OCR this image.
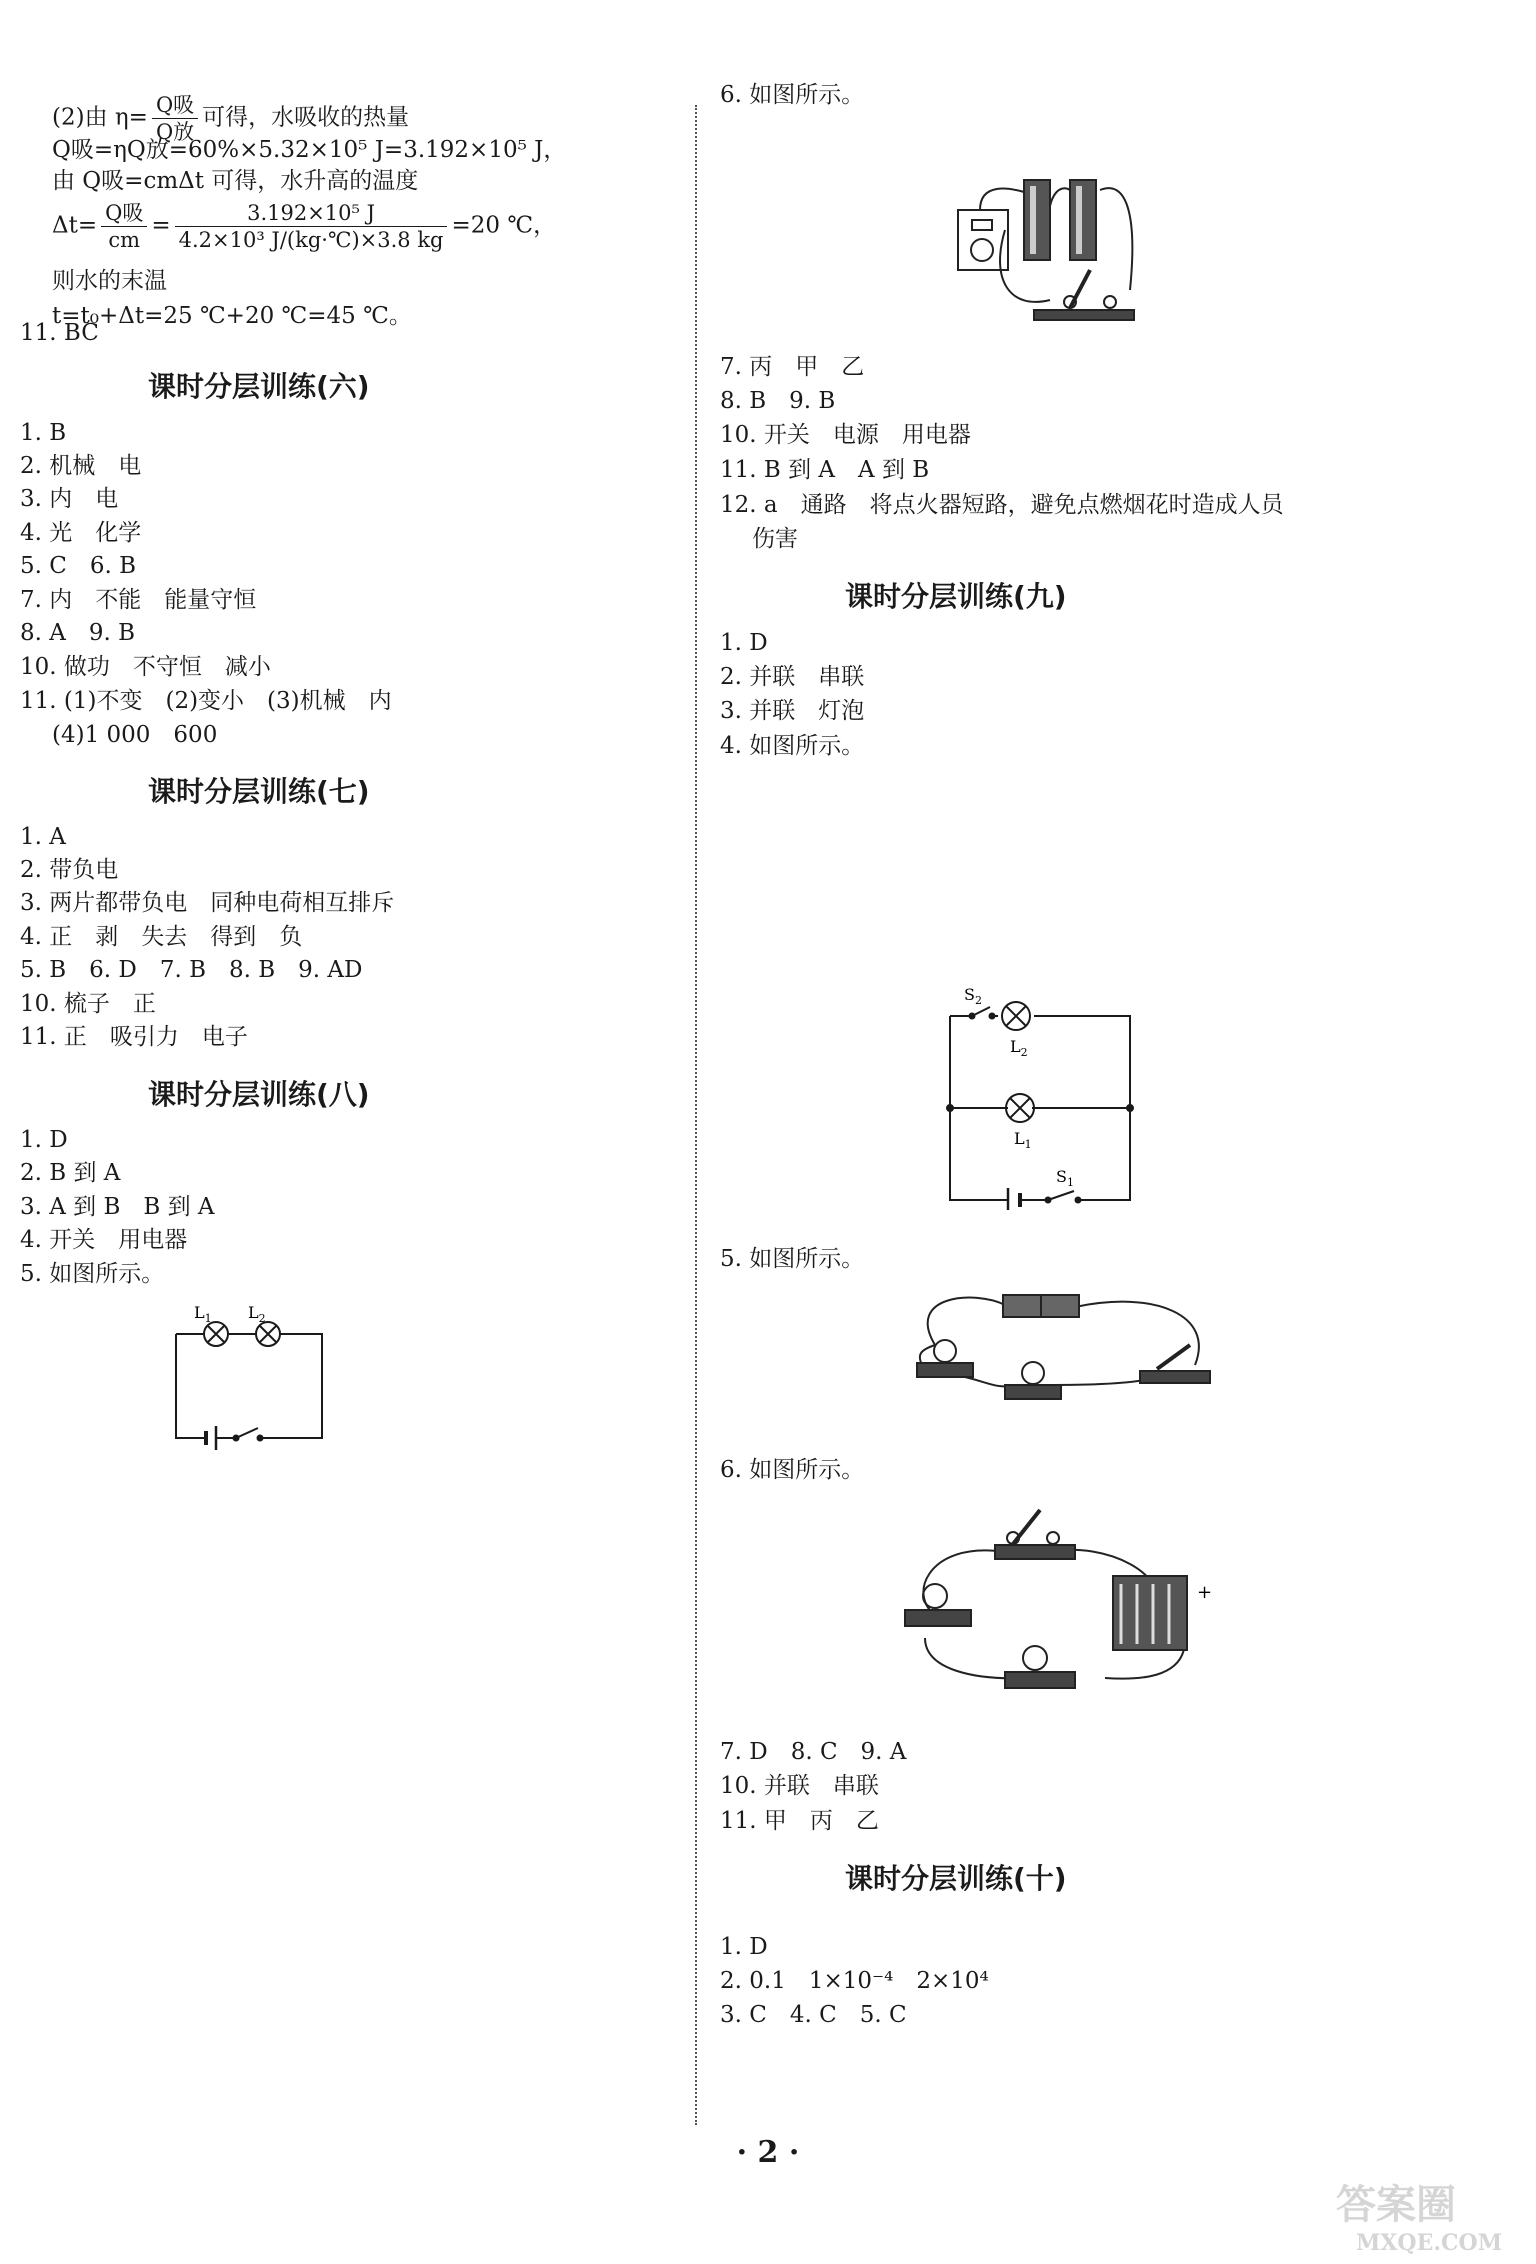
(2)由 $\eta= \frac{\text{Q吸}}{\text{Q放}}$ 可得，水吸收的热量
Q吸=ηQ放=60%×5.32×10⁵ J=3.192×10⁵ J，
由 Q吸=cmΔt 可得，水升高的温度
$\Delta t= \frac{\text{Q吸}}{cm} = \frac{\text{3.192×10⁵ J}}{\text{4.2×10³ J/(kg·℃)×3.8 kg}} =20$ ℃，
则水的末温
t=t₀+Δt=25 ℃+20 ℃=45 ℃。
11. BC
课时分层训练(六)
1. B
2. 机械　电
3. 内　电
4. 光　化学
5. C　6. B
7. 内　不能　能量守恒
8. A　9. B
10. 做功　不守恒　减小
11. (1)不变　(2)变小　(3)机械　内
(4)1 000　600
课时分层训练(七)
1. A
2. 带负电
3. 两片都带负电　同种电荷相互排斥
4. 正　剥　失去　得到　负
5. B　6. D　7. B　8. B　9. AD
10. 梳子　正
11. 正　吸引力　电子
课时分层训练(八)
1. D
2. B 到 A
3. A 到 B　B 到 A
4. 开关　用电器
5. 如图所示。
$L_1$ $L_2$
6. 如图所示。
7. 丙　甲　乙
8. B　9. B
10. 开关　电源　用电器
11. B 到 A　A 到 B
12. a　通路　将点火器短路，避免点燃烟花时造成人员
伤害
课时分层训练(九)
1. D
2. 并联　串联
3. 并联　灯泡
4. 如图所示。
$S_2$
$L_2$
$L_1$
$S_1$
5. 如图所示。
6. 如图所示。
+
7. D　8. C　9. A
10. 并联　串联
11. 甲　丙　乙
课时分层训练(十)
1. D
2. 0.1　1×10⁻⁴　2×10⁴
3. C　4. C　5. C
· 2 ·
答案圈
MXQE.COM
